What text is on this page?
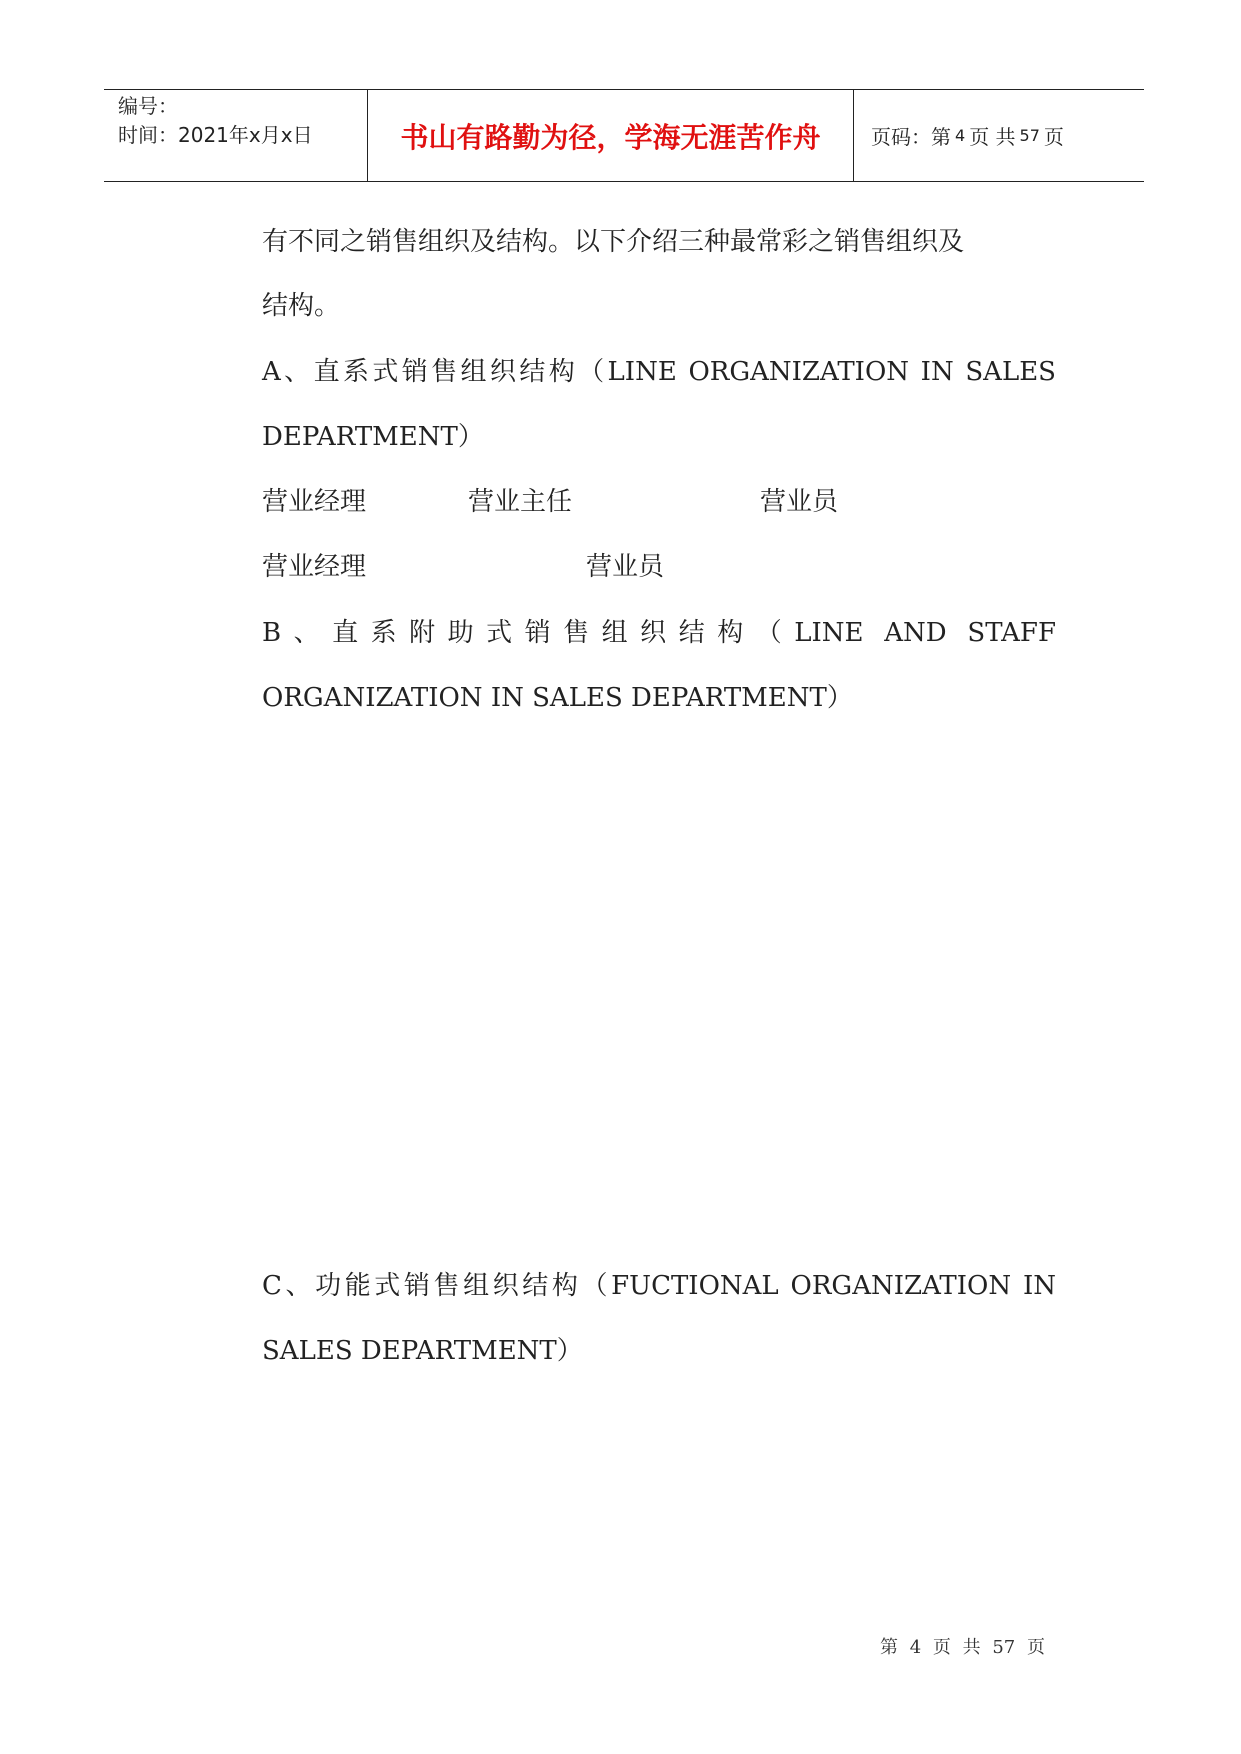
编号：
时间：2021年x月x日	书山有路勤为径，学海无涯苦作舟	页码：第 4 页 共 57 页
有不同之销售组织及结构。以下介绍三种最常彩之销售组织及
结构。
A、直系式销售组织结构（LINE ORGANIZATION IN SALES
DEPARTMENT）
营业经理	营业主任	营业员
营业经理	营业员
B、直系附助式销售组织结构（LINE AND STAFF
ORGANIZATION IN SALES DEPARTMENT）
C、功能式销售组织结构（FUCTIONAL ORGANIZATION IN
SALES DEPARTMENT）
第 4 页 共 57 页
